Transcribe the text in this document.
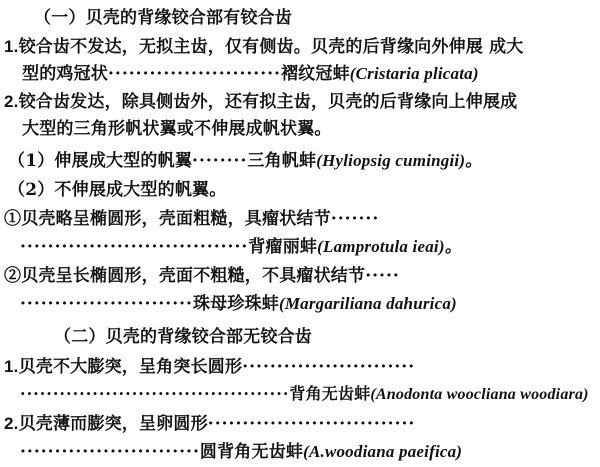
（一）贝壳的背缘铰合部有铰合齿
1.铰合齿不发达，无拟主齿，仅有侧齿。贝壳的后背缘向外伸展 成大
型的鸡冠状·························褶纹冠蚌(Cristaria plicata)
2.铰合齿发达，除具侧齿外，还有拟主齿，贝壳的后背缘向上伸展成
大型的三角形帆状翼或不伸展成帆状翼。
（1）伸展成大型的帆翼········三角帆蚌(Hyliopsig cumingii)。
（2）不伸展成大型的帆翼。
①贝壳略呈椭圆形，壳面粗糙，具瘤状结节·······
·································背瘤丽蚌(Lamprotula ieai)。
②贝壳呈长椭圆形，壳面不粗糙，不具瘤状结节·····
·························珠母珍珠蚌(Margariliana dahurica)
（二）贝壳的背缘铰合部无铰合齿
1.贝壳不大膨突，呈角突长圆形·························
·········································背角无齿蚌(Anodonta woocliana woodiara)
2.贝壳薄而膨突，呈卵圆形······························
··························圆背角无齿蚌(A.woodiana paeifica)
